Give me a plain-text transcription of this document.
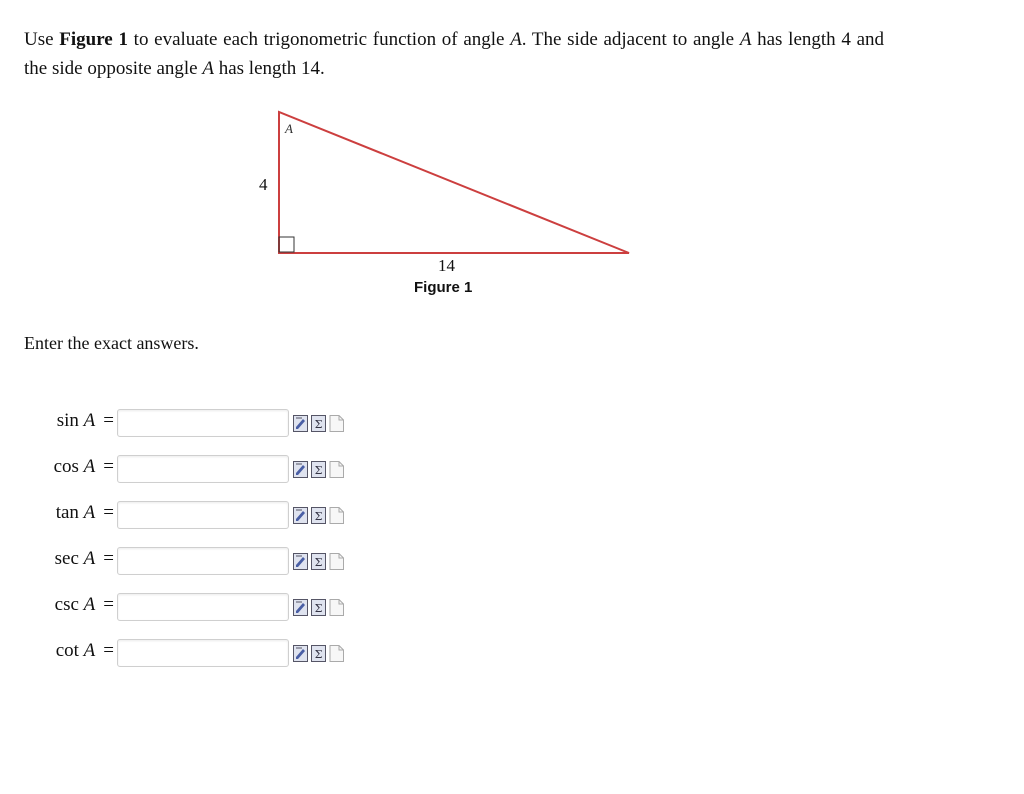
Use Figure 1 to evaluate each trigonometric function of angle A. The side adjacent to angle A has length 4 and the side opposite angle A has length 14.
A
4
14
Figure 1
Enter the exact answers.
sin A =	Σ
cos A =	Σ
tan A =	Σ
sec A =	Σ
csc A =	Σ
cot A =	Σ
